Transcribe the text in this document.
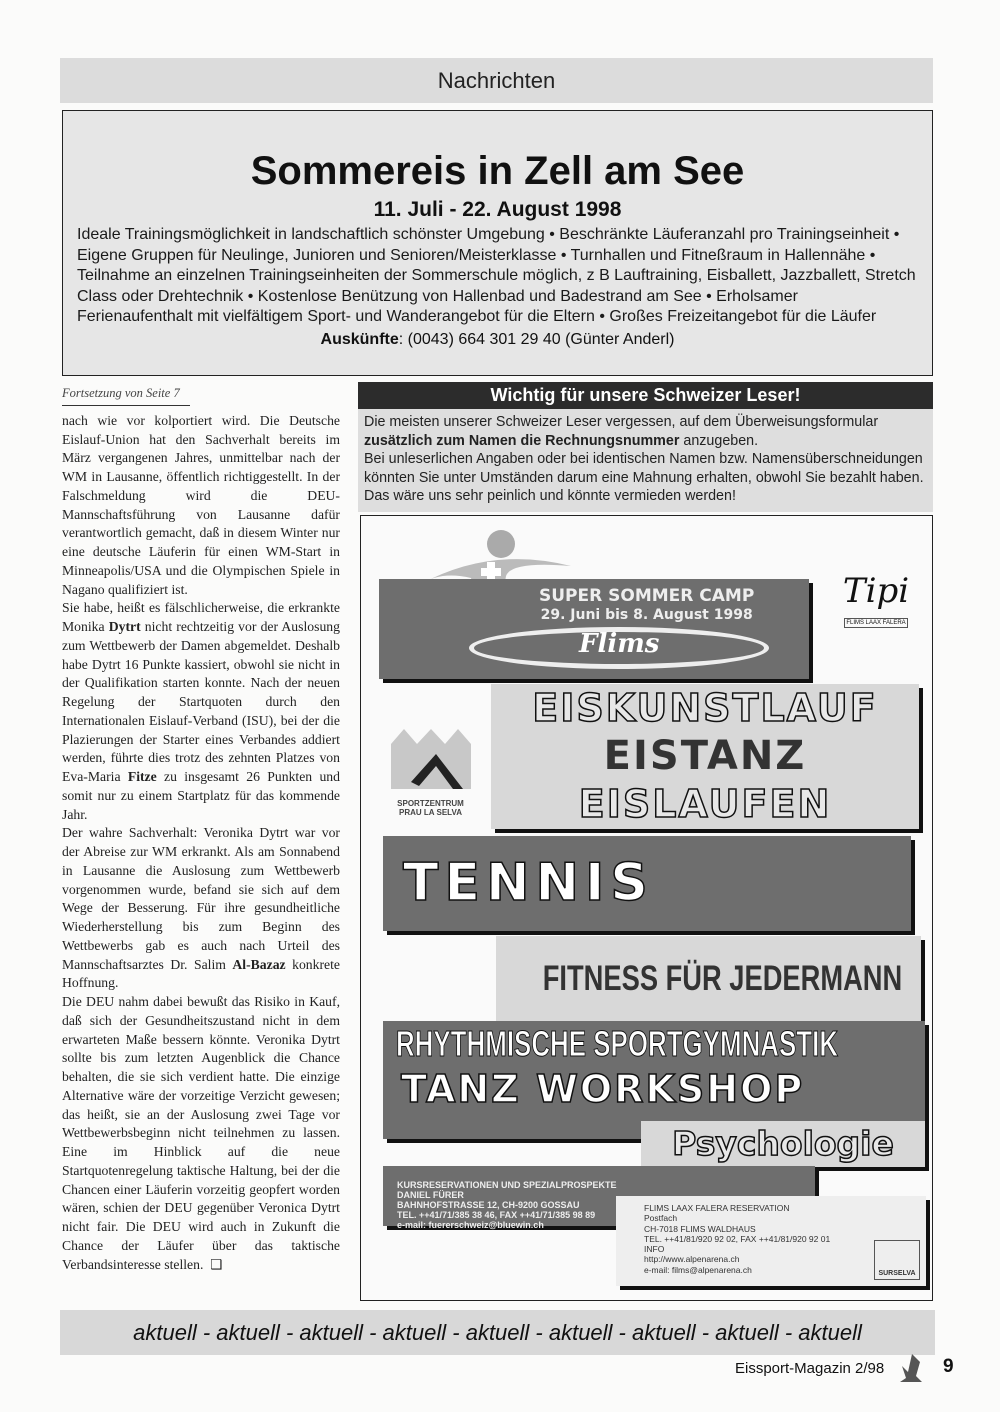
Nachrichten
Sommereis in Zell am See
11. Juli - 22. August 1998
Ideale Trainingsmöglichkeit in landschaftlich schönster Umgebung • Beschränkte Läuferanzahl pro Trainingseinheit • Eigene Gruppen für Neulinge, Junioren und Senioren/Meisterklasse • Turnhallen und Fitneßraum in Hallennähe • Teilnahme an einzelnen Trainingseinheiten der Sommerschule möglich, z B Lauftraining, Eisballett, Jazzballett, Stretch Class oder Drehtechnik • Kostenlose Benützung von Hallenbad und Badestrand am See • Erholsamer Ferienaufenthalt mit vielfältigem Sport- und Wanderangebot für die Eltern • Großes Freizeitangebot für die Läufer
Auskünfte: (0043) 664 301 29 40 (Günter Anderl)
Fortsetzung von Seite 7

nach wie vor kolportiert wird. Die Deutsche Eislauf-Union hat den Sachverhalt bereits im März vergangenen Jahres, unmittelbar nach der WM in Lausanne, öffentlich richtiggestellt. In der Falschmeldung wird die DEU-Mannschaftsführung von Lausanne dafür verantwortlich gemacht, daß in diesem Winter nur eine deutsche Läuferin für einen WM-Start in Minneapolis/USA und die Olympischen Spiele in Nagano qualifiziert ist.

Sie habe, heißt es fälschlicherweise, die erkrankte Monika Dytrt nicht rechtzeitig vor der Auslosung zum Wettbewerb der Damen abgemeldet. Deshalb habe Dytrt 16 Punkte kassiert, obwohl sie nicht in der Qualifikation starten konnte. Nach der neuen Regelung der Startquoten durch den Internationalen Eislauf-Verband (ISU), bei der die Plazierungen der Starter eines Verbandes addiert werden, führte dies trotz des zehnten Platzes von Eva-Maria Fitze zu insgesamt 26 Punkten und somit nur zu einem Startplatz für das kommende Jahr.

Der wahre Sachverhalt: Veronika Dytrt war vor der Abreise zur WM erkrankt. Als am Sonnabend in Lausanne die Auslosung zum Wettbewerb vorgenommen wurde, befand sie sich auf dem Wege der Besserung. Für ihre gesundheitliche Wiederherstellung bis zum Beginn des Wettbewerbs gab es auch nach Urteil des Mannschaftsarztes Dr. Salim Al-Bazaz konkrete Hoffnung.

Die DEU nahm dabei bewußt das Risiko in Kauf, daß sich der Gesundheitszustand nicht in dem erwarteten Maße bessern könnte. Veronika Dytrt sollte bis zum letzten Augenblick die Chance behalten, die sie sich verdient hatte. Die einzige Alternative wäre der vorzeitige Verzicht gewesen; das heißt, sie an der Auslosung zwei Tage vor Wettbewerbsbeginn nicht teilnehmen zu lassen. Eine im Hinblick auf die neue Startquotenregelung taktische Haltung, bei der die Chancen einer Läuferin vorzeitig geopfert worden wären, schien der DEU gegenüber Veronica Dytrt nicht fair. Die DEU wird auch in Zukunft die Chance der Läufer über das taktische Verbandsinteresse stellen. ❑

Wichtig für unsere Schweizer Leser!
Die meisten unserer Schweizer Leser vergessen, auf dem Überweisungsformular zusätzlich zum Namen die Rechnungsnummer anzugeben.
Bei unleserlichen Angaben oder bei identischen Namen bzw. Namensüberschneidungen könnten Sie unter Umständen darum eine Mahnung erhalten, obwohl Sie bezahlt haben. Das wäre uns sehr peinlich und könnte vermieden werden!
SUPER SOMMER CAMP
29. Juni bis 8. August 1998
Flims
Tipi
FLIMS LAAX FALERA
EISKUNSTLAUF
EISTANZ
EISLAUFEN
SPORTZENTRUM
PRAU LA SELVA
TENNIS
FITNESS FÜR JEDERMANN
RHYTHMISCHE SPORTGYMNASTIK
TANZ WORKSHOP
Psychologie
KURSRESERVATIONEN UND SPEZIALPROSPEKTE
DANIEL FÜRER
BAHNHOFSTRASSE 12, CH-9200 GOSSAU
TEL. ++41/71/385 38 46, FAX ++41/71/385 98 89
e-mail: fuererschweiz@bluewin.ch
FLIMS LAAX FALERA RESERVATION
Postfach
CH-7018 FLIMS WALDHAUS
TEL. ++41/81/920 92 02, FAX ++41/81/920 92 01
INFO
http://www.alpenarena.ch
e-mail: films@alpenarena.ch	SURSELVA
aktuell - aktuell - aktuell - aktuell - aktuell - aktuell - aktuell - aktuell - aktuell
Eissport-Magazin 2/98	9
